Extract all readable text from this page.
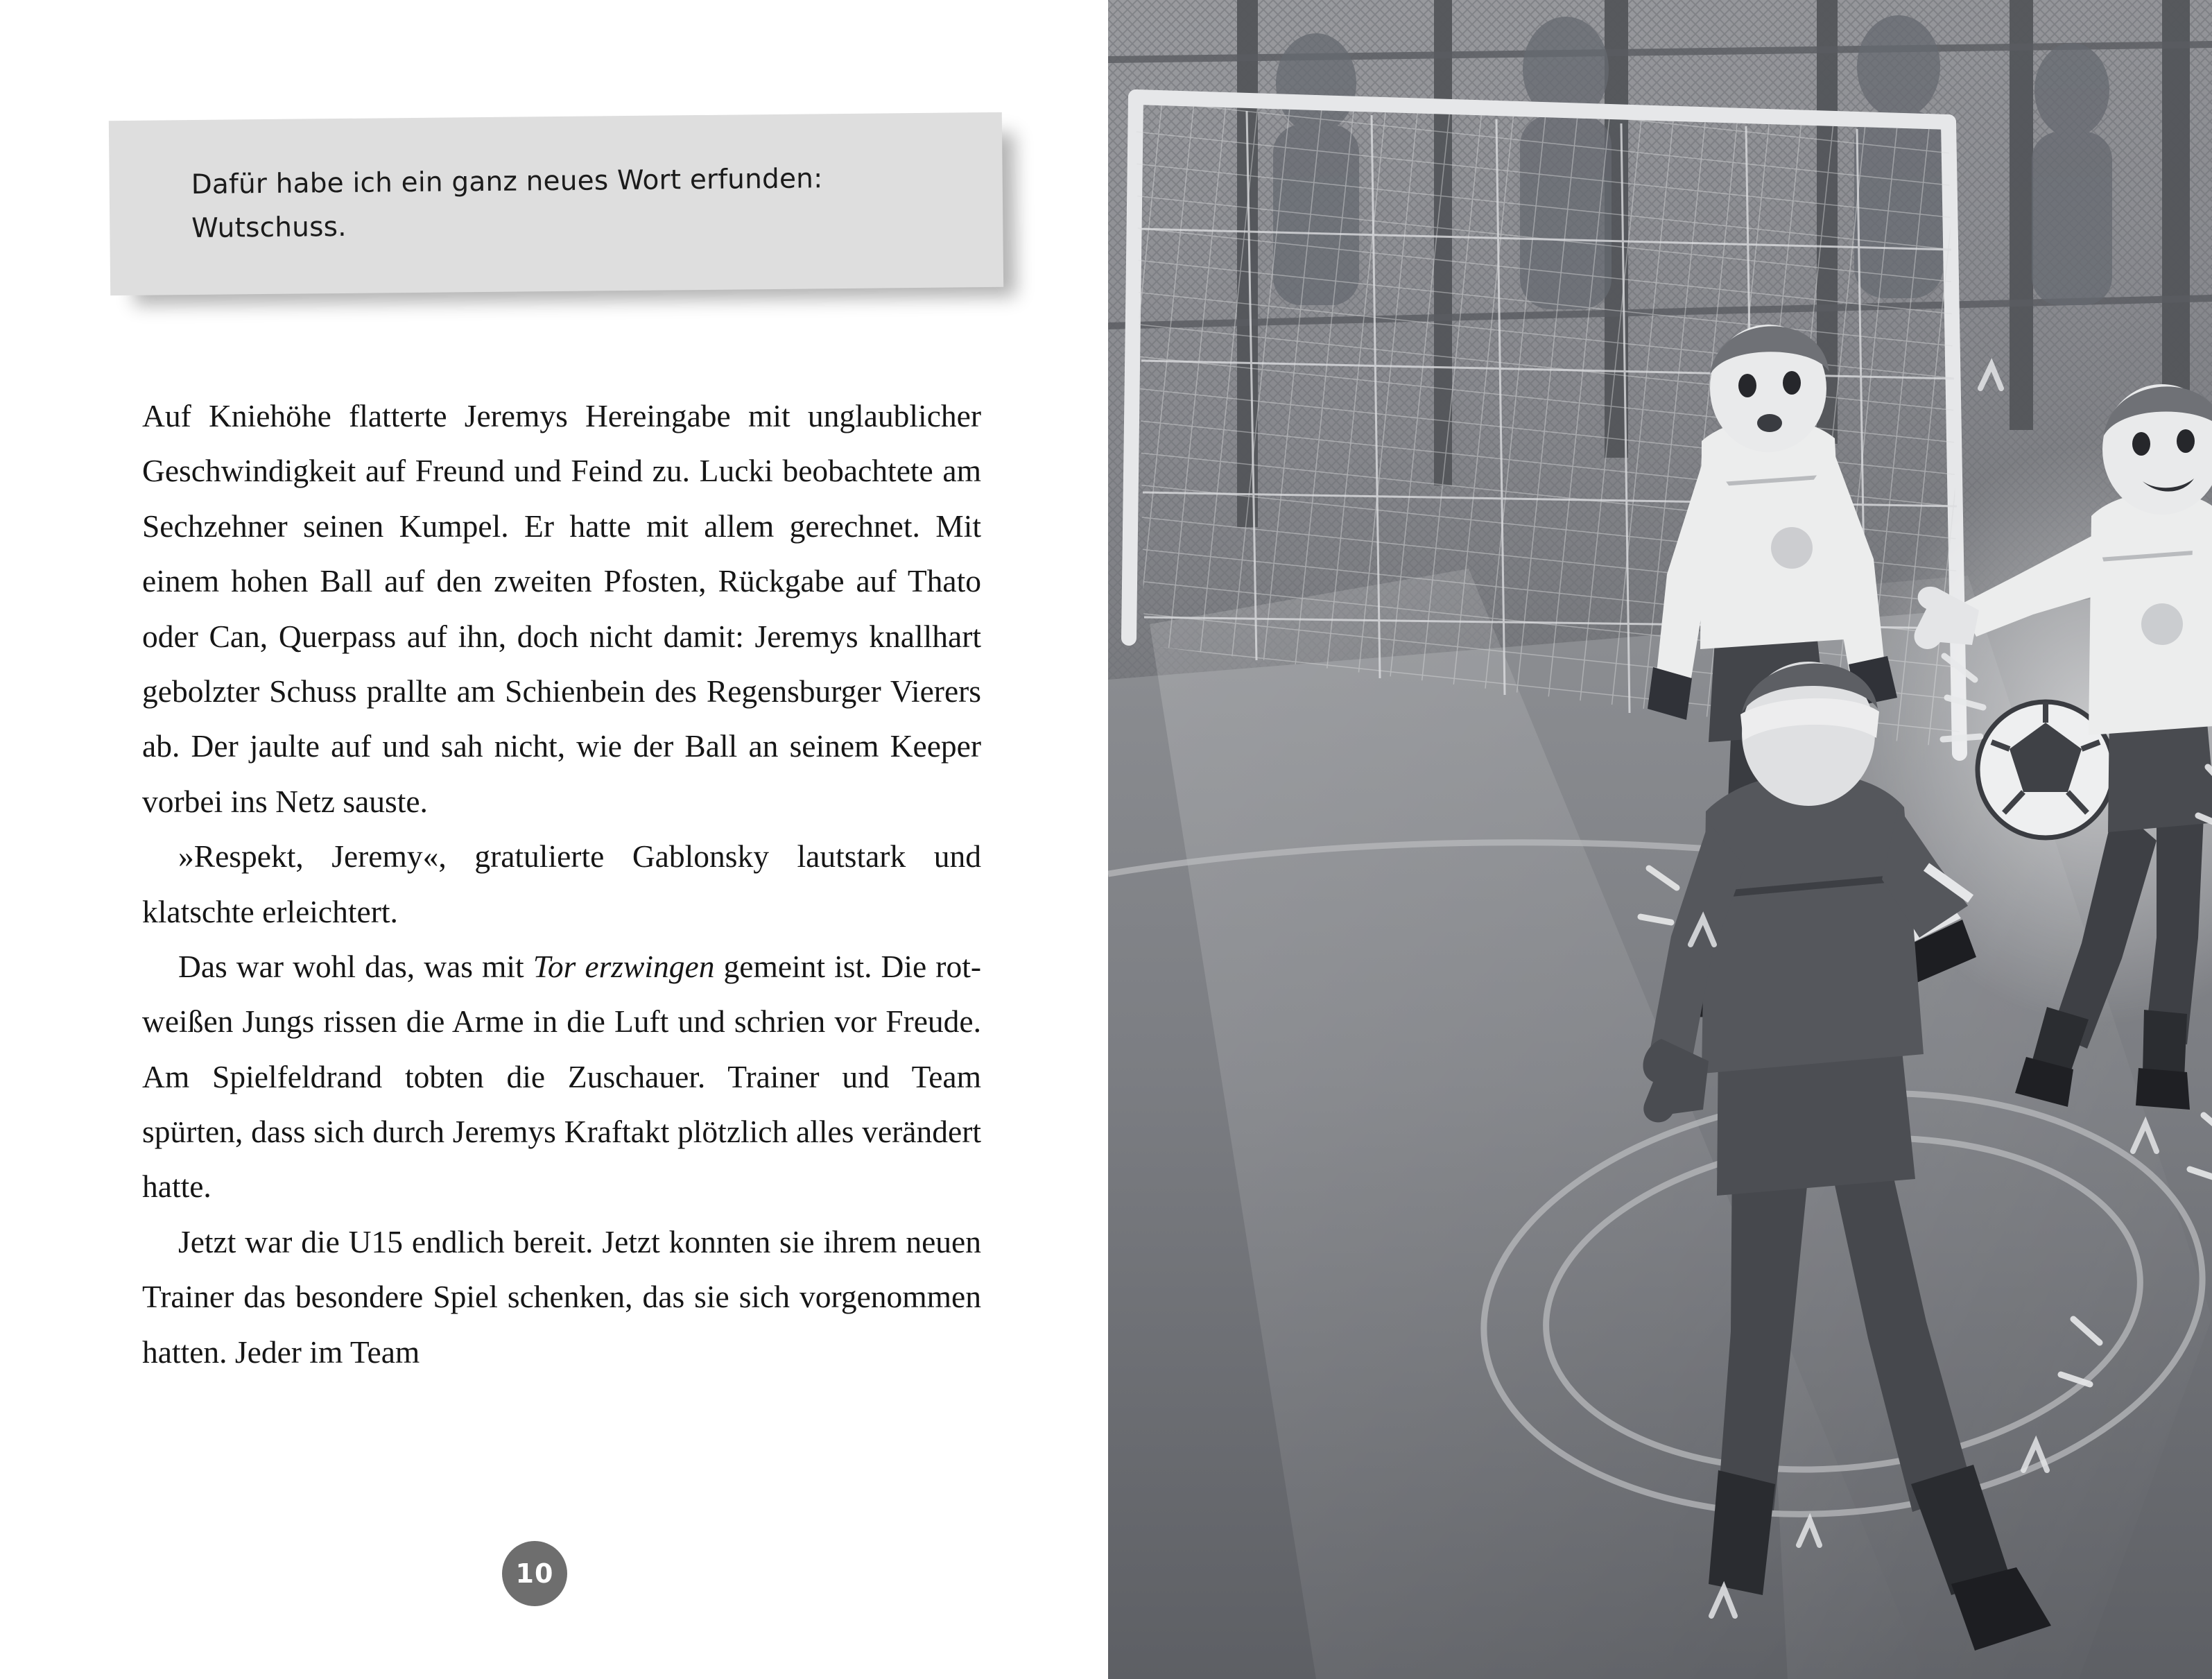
Dafür habe ich ein ganz neues Wort erfunden: Wutschuss.

Auf Kniehöhe flatterte Jeremys Hereingabe mit unglaublicher Geschwindigkeit auf Freund und Feind zu. Lucki beobachtete am Sechzehner seinen Kumpel. Er hatte mit allem gerechnet. Mit einem hohen Ball auf den zweiten Pfosten, Rückgabe auf Thato oder Can, Querpass auf ihn, doch nicht damit: Jeremys knallhart gebolzter Schuss prallte am Schienbein des Regensburger Vierers ab. Der jaulte auf und sah nicht, wie der Ball an seinem Keeper vorbei ins Netz sauste.

»Respekt, Jeremy«, gratulierte Gablonsky lautstark und klatschte erleichtert.

Das war wohl das, was mit Tor erzwingen gemeint ist. Die rot-weißen Jungs rissen die Arme in die Luft und schrien vor Freude. Am Spielfeldrand tobten die Zuschauer. Trainer und Team spürten, dass sich durch Jeremys Kraftakt plötzlich alles verändert hatte.

Jetzt war die U15 endlich bereit. Jetzt konnten sie ihrem neuen Trainer das besondere Spiel schenken, das sie sich vorgenommen hatten. Jeder im Team

10
